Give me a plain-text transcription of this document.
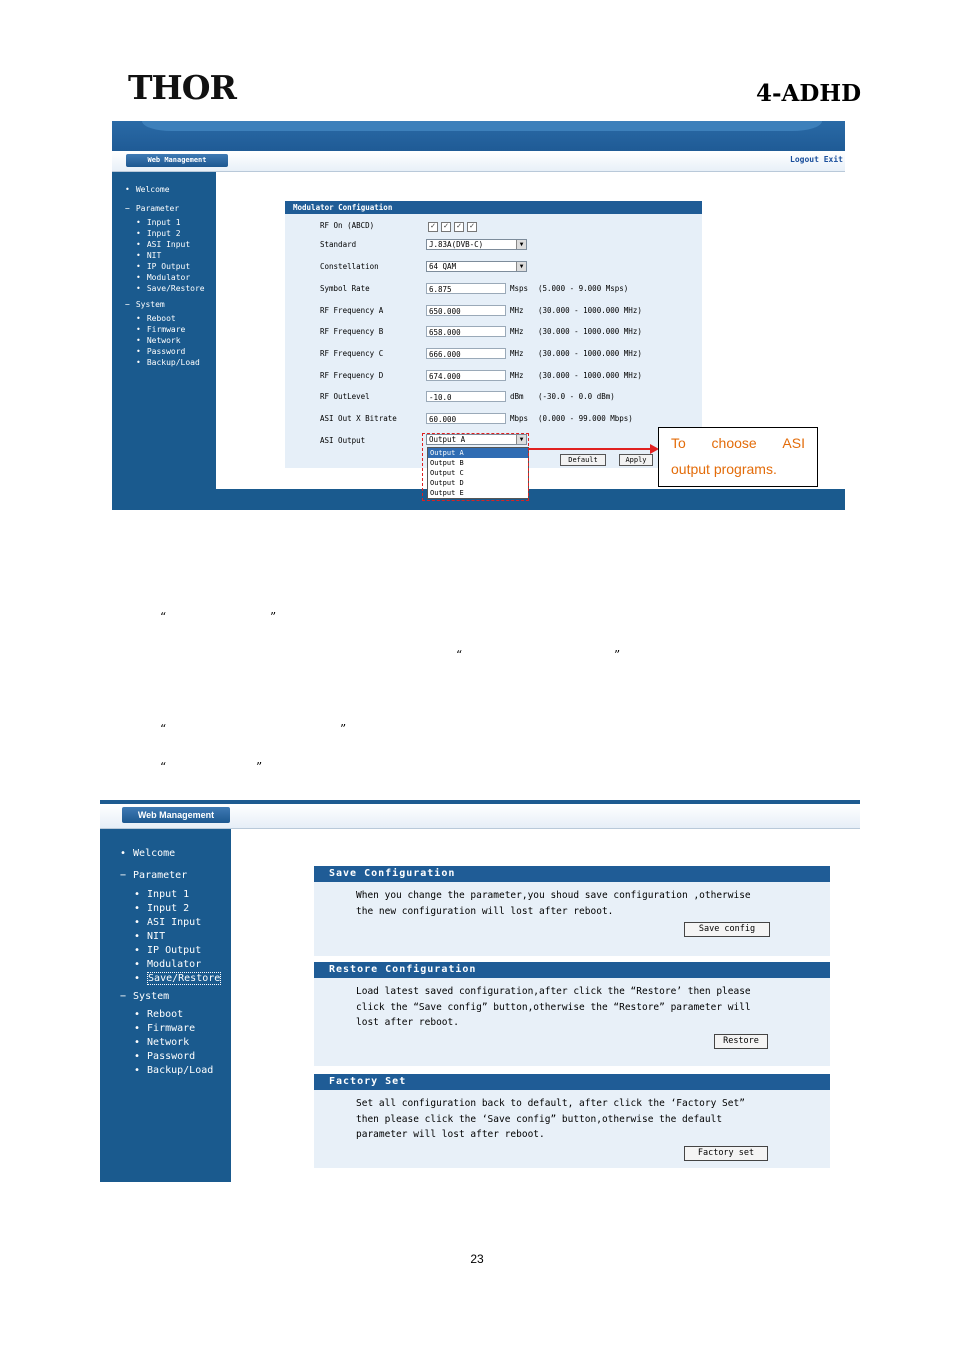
THOR	4-ADHD
Web Management	Logout Exit
• Welcome
− Parameter
• Input 1
• Input 2
• ASI Input
• NIT
• IP Output
• Modulator
• Save/Restore
− System
• Reboot
• Firmware
• Network
• Password
• Backup/Load
Modulator Configuation
RF On (ABCD)	✓ ✓ ✓ ✓
Standard	J.83A(DVB-C)	▼
Constellation	64 QAM	▼
Symbol Rate	6.875	Msps (5.000 - 9.000 Msps)
RF Frequency A	650.000	MHz (30.000 - 1000.000 MHz)
RF Frequency B	658.000	MHz (30.000 - 1000.000 MHz)
RF Frequency C	666.000	MHz (30.000 - 1000.000 MHz)
RF Frequency D	674.000	MHz (30.000 - 1000.000 MHz)
RF OutLevel	-10.0	dBm (-30.0 - 0.0 dBm)
ASI Out X Bitrate	60.000	Mbps (0.000 - 99.000 Mbps)
ASI Output	Output A	▼
Default	Apply
Output A
Output B
Output C
Output D
Output E
To choose ASI
output programs.
“	”
“	”
“	”
“	”
Web Management
• Welcome
− Parameter
• Input 1
• Input 2
• ASI Input
• NIT
• IP Output
• Modulator
• Save/Restore
− System
• Reboot
• Firmware
• Network
• Password
• Backup/Load
Save Configuration
When you change the parameter,you shoud save configuration ,otherwise
the new configuration will lost after reboot.
Save config
Restore Configuration
Load latest saved configuration,after click the “Restore’ then please
click the “Save config” button,otherwise the “Restore” parameter will
lost after reboot.
Restore
Factory Set
Set all configuration back to default, after click the ‘Factory Set”
then please click the ‘Save config” button,otherwise the default
parameter will lost after reboot.
Factory set
23
